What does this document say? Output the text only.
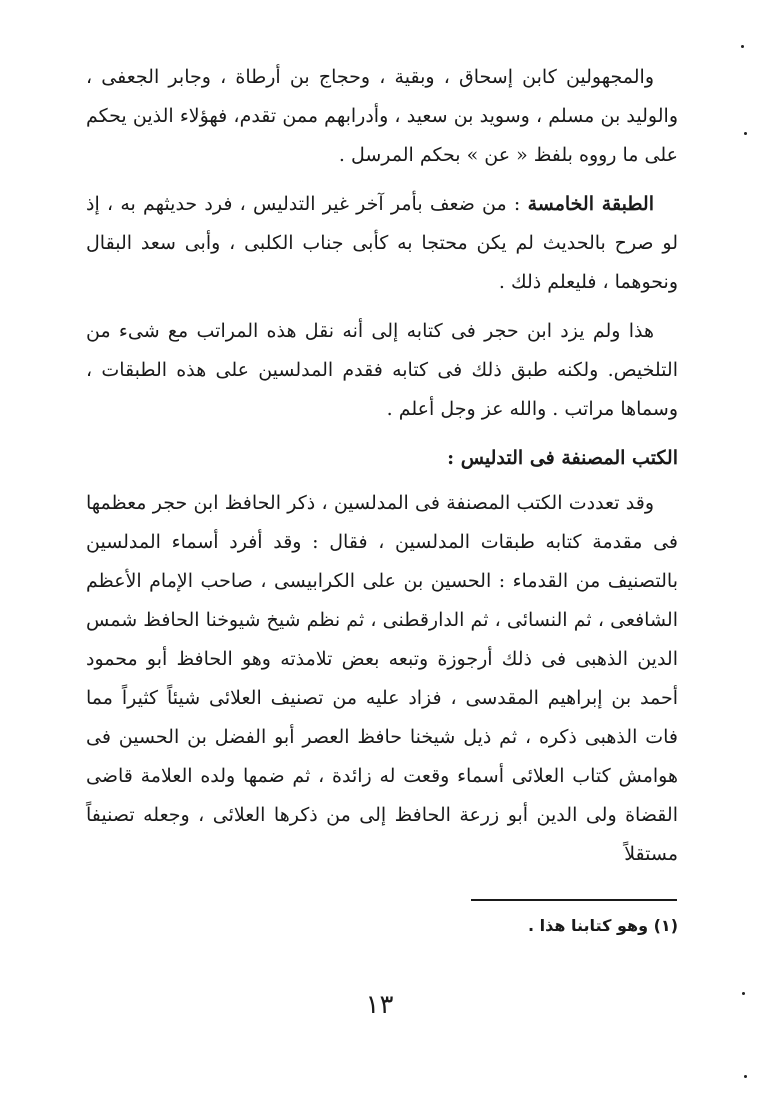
والمجهولين كابن إسحاق ، وبقية ، وحجاج بن أرطاة ، وجابر الجعفى ، والوليد بن مسلم ، وسويد بن سعيد ، وأدرابهم ممن تقدم، فهؤلاء الذين يحكم على ما رووه بلفظ « عن » بحكم المرسل .

الطبقة الخامسة : من ضعف بأمر آخر غير التدليس ، فرد حديثهم به ، إذ لو صرح بالحديث لم يكن محتجا به كأبى جناب الكلبى ، وأبى سعد البقال ونحوهما ، فليعلم ذلك .

هذا ولم يزد ابن حجر فى كتابه إلى أنه نقل هذه المراتب مع شىء من التلخيص. ولكنه طبق ذلك فى كتابه فقدم المدلسين على هذه الطبقات ، وسماها مراتب . والله عز وجل أعلم .

الكتب المصنفة فى التدليس :

وقد تعددت الكتب المصنفة فى المدلسين ، ذكر الحافظ ابن حجر معظمها فى مقدمة كتابه طبقات المدلسين ، فقال : وقد أفرد أسماء المدلسين بالتصنيف من القدماء : الحسين بن على الكرابيسى ، صاحب الإمام الأعظم الشافعى ، ثم النسائى ، ثم الدارقطنى ، ثم نظم شيخ شيوخنا الحافظ شمس الدين الذهبى فى ذلك أرجوزة وتبعه بعض تلامذته وهو الحافظ أبو محمود أحمد بن إبراهيم المقدسى ، فزاد عليه من تصنيف العلائى شيئاً كثيراً مما فات الذهبى ذكره ، ثم ذيل شيخنا حافظ العصر أبو الفضل بن الحسين فى هوامش كتاب العلائى أسماء وقعت له زائدة ، ثم ضمها ولده العلامة قاضى القضاة ولى الدين أبو زرعة الحافظ إلى من ذكرها العلائى ، وجعله تصنيفاً مستقلاً

(١) وهو كتابنا هذا .
١٣
